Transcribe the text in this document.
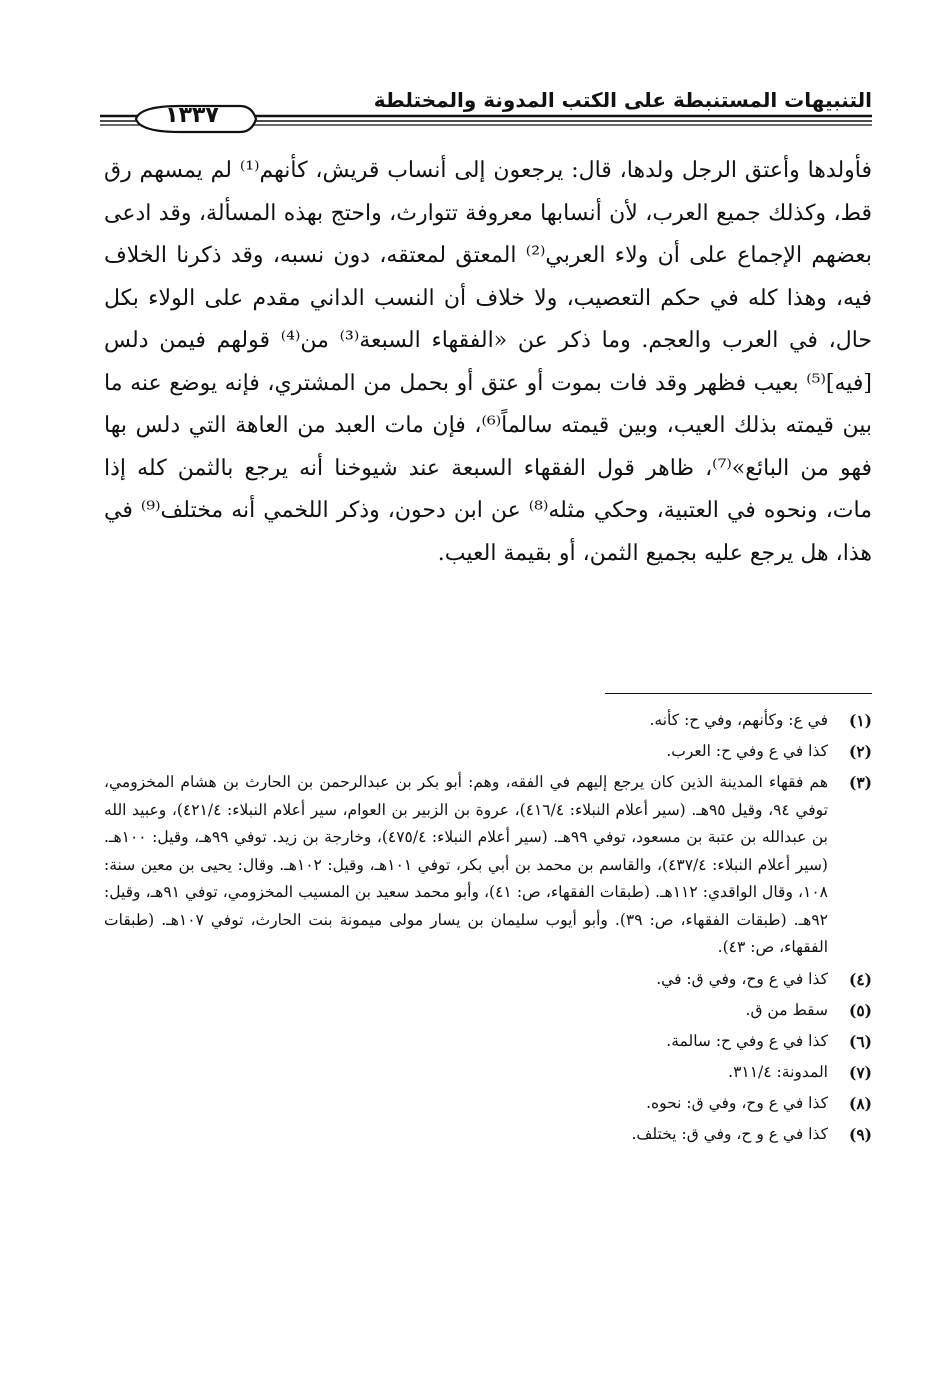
التنبيهات المستنبطة على الكتب المدونة والمختلطة
١٣٣٧

فأولدها وأعتق الرجل ولدها، قال: يرجعون إلى أنساب قريش، كأنهم⁽¹⁾ لم يمسهم رق قط، وكذلك جميع العرب، لأن أنسابها معروفة تتوارث، واحتج بهذه المسألة، وقد ادعى بعضهم الإجماع على أن ولاء العربي⁽²⁾ المعتق لمعتقه، دون نسبه، وقد ذكرنا الخلاف فيه، وهذا كله في حكم التعصيب، ولا خلاف أن النسب الداني مقدم على الولاء بكل حال، في العرب والعجم. وما ذكر عن «الفقهاء السبعة⁽³⁾ من⁽⁴⁾ قولهم فيمن دلس [فيه]⁽⁵⁾ بعيب فظهر وقد فات بموت أو عتق أو بحمل من المشتري، فإنه يوضع عنه ما بين قيمته بذلك العيب، وبين قيمته سالماً⁽⁶⁾، فإن مات العبد من العاهة التي دلس بها فهو من البائع»⁽⁷⁾، ظاهر قول الفقهاء السبعة عند شيوخنا أنه يرجع بالثمن كله إذا مات، ونحوه في العتبية، وحكي مثله⁽⁸⁾ عن ابن دحون، وذكر اللخمي أنه مختلف⁽⁹⁾ في هذا، هل يرجع عليه بجميع الثمن، أو بقيمة العيب.

(١)
في ع: وكأنهم، وفي ح: كأنه.
(٢)
كذا في ع وفي ح: العرب.
(٣)
هم فقهاء المدينة الذين كان يرجع إليهم في الفقه، وهم: أبو بكر بن عبدالرحمن بن الحارث بن هشام المخزومي، توفي ٩٤، وقيل ٩٥هـ. (سير أعلام النبلاء: ٤١٦/٤)، عروة بن الزبير بن العوام، سير أعلام النبلاء: ٤٢١/٤)، وعبيد الله بن عبدالله بن عتبة بن مسعود، توفي ٩٩هـ. (سير أعلام النبلاء: ٤٧٥/٤)، وخارجة بن زيد. توفي ٩٩هـ، وقيل: ١٠٠هـ. (سير أعلام النبلاء: ٤٣٧/٤)، والقاسم بن محمد بن أبي بكر، توفي ١٠١هـ، وقيل: ١٠٢هـ. وقال: يحيى بن معين سنة: ١٠٨، وقال الواقدي: ١١٢هـ. (طبقات الفقهاء، ص: ٤١)، وأبو محمد سعيد بن المسيب المخزومي، توفي ٩١هـ، وقيل: ٩٢هـ. (طبقات الفقهاء، ص: ٣٩). وأبو أيوب سليمان بن يسار مولى ميمونة بنت الحارث، توفي ١٠٧هـ. (طبقات الفقهاء، ص: ٤٣).
(٤)
كذا في ع وح، وفي ق: في.
(٥)
سقط من ق.
(٦)
كذا في ع وفي ح: سالمة.
(٧)
المدونة: ٣١١/٤.
(٨)
كذا في ع وح، وفي ق: نحوه.
(٩)
كذا في ع و ح، وفي ق: يختلف.
